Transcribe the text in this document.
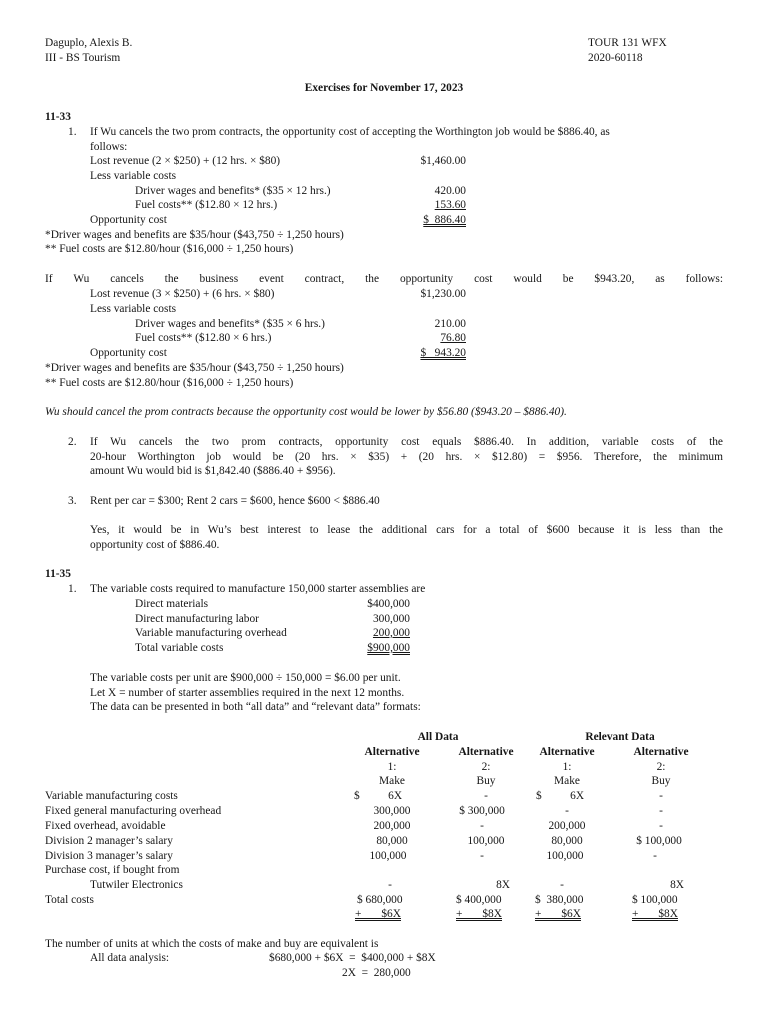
Daguplo, Alexis B.
III - BS Tourism
TOUR 131 WFX
2020-60118
Exercises for November 17, 2023
11-33
1. If Wu cancels the two prom contracts, the opportunity cost of accepting the Worthington job would be $886.40, as
follows:
Lost revenue (2 × $250) + (12 hrs. × $80)	$1,460.00
Less variable costs
Driver wages and benefits* ($35 × 12 hrs.)	420.00
Fuel costs** ($12.80 × 12 hrs.)	153.60
Opportunity cost	$  886.40
*Driver wages and benefits are $35/hour ($43,750 ÷ 1,250 hours)
** Fuel costs are $12.80/hour ($16,000 ÷ 1,250 hours)
If Wu cancels the business event contract, the opportunity cost would be $943.20, as follows:
Lost revenue (3 × $250) + (6 hrs. × $80)	$1,230.00
Less variable costs
Driver wages and benefits* ($35 × 6 hrs.)	210.00
Fuel costs** ($12.80 × 6 hrs.)	76.80
Opportunity cost	$   943.20
*Driver wages and benefits are $35/hour ($43,750 ÷ 1,250 hours)
** Fuel costs are $12.80/hour ($16,000 ÷ 1,250 hours)
Wu should cancel the prom contracts because the opportunity cost would be lower by $56.80 ($943.20 – $886.40).
2. If Wu cancels the two prom contracts, opportunity cost equals $886.40. In addition, variable costs of the
20-hour Worthington job would be (20 hrs. × $35) + (20 hrs. × $12.80) = $956. Therefore, the minimum
amount Wu would bid is $1,842.40 ($886.40 + $956).
3. Rent per car = $300; Rent 2 cars = $600, hence $600 < $886.40
Yes, it would be in Wu’s best interest to lease the additional cars for a total of $600 because it is less than the
opportunity cost of $886.40.
11-35
1. The variable costs required to manufacture 150,000 starter assemblies are
Direct materials	$400,000
Direct manufacturing labor	300,000
Variable manufacturing overhead	200,000
Total variable costs	$900,000
The variable costs per unit are $900,000 ÷ 150,000 = $6.00 per unit.
Let X = number of starter assemblies required in the next 12 months.
The data can be presented in both “all data” and “relevant data” formats:
All Data	Relevant Data
Alternative	Alternative	Alternative	Alternative
1:	2:	1:	2:
Make	Buy	Make	Buy
Variable manufacturing costs	$          6X	-	$          6X	-
Fixed general manufacturing overhead	300,000	$ 300,000	-	-
Fixed overhead, avoidable	200,000	-	200,000	-
Division 2 manager’s salary	80,000	100,000	80,000	$ 100,000
Division 3 manager’s salary	100,000	-	100,000	-
Purchase cost, if bought from
Tutwiler Electronics	-	8X	-	8X
Total costs	$ 680,000	$ 400,000	$  380,000	$ 100,000
+       $6X	+       $8X	+       $6X	+       $8X
The number of units at which the costs of make and buy are equivalent is
All data analysis:	$680,000 + $6X  =  $400,000 + $8X
2X  =  280,000
